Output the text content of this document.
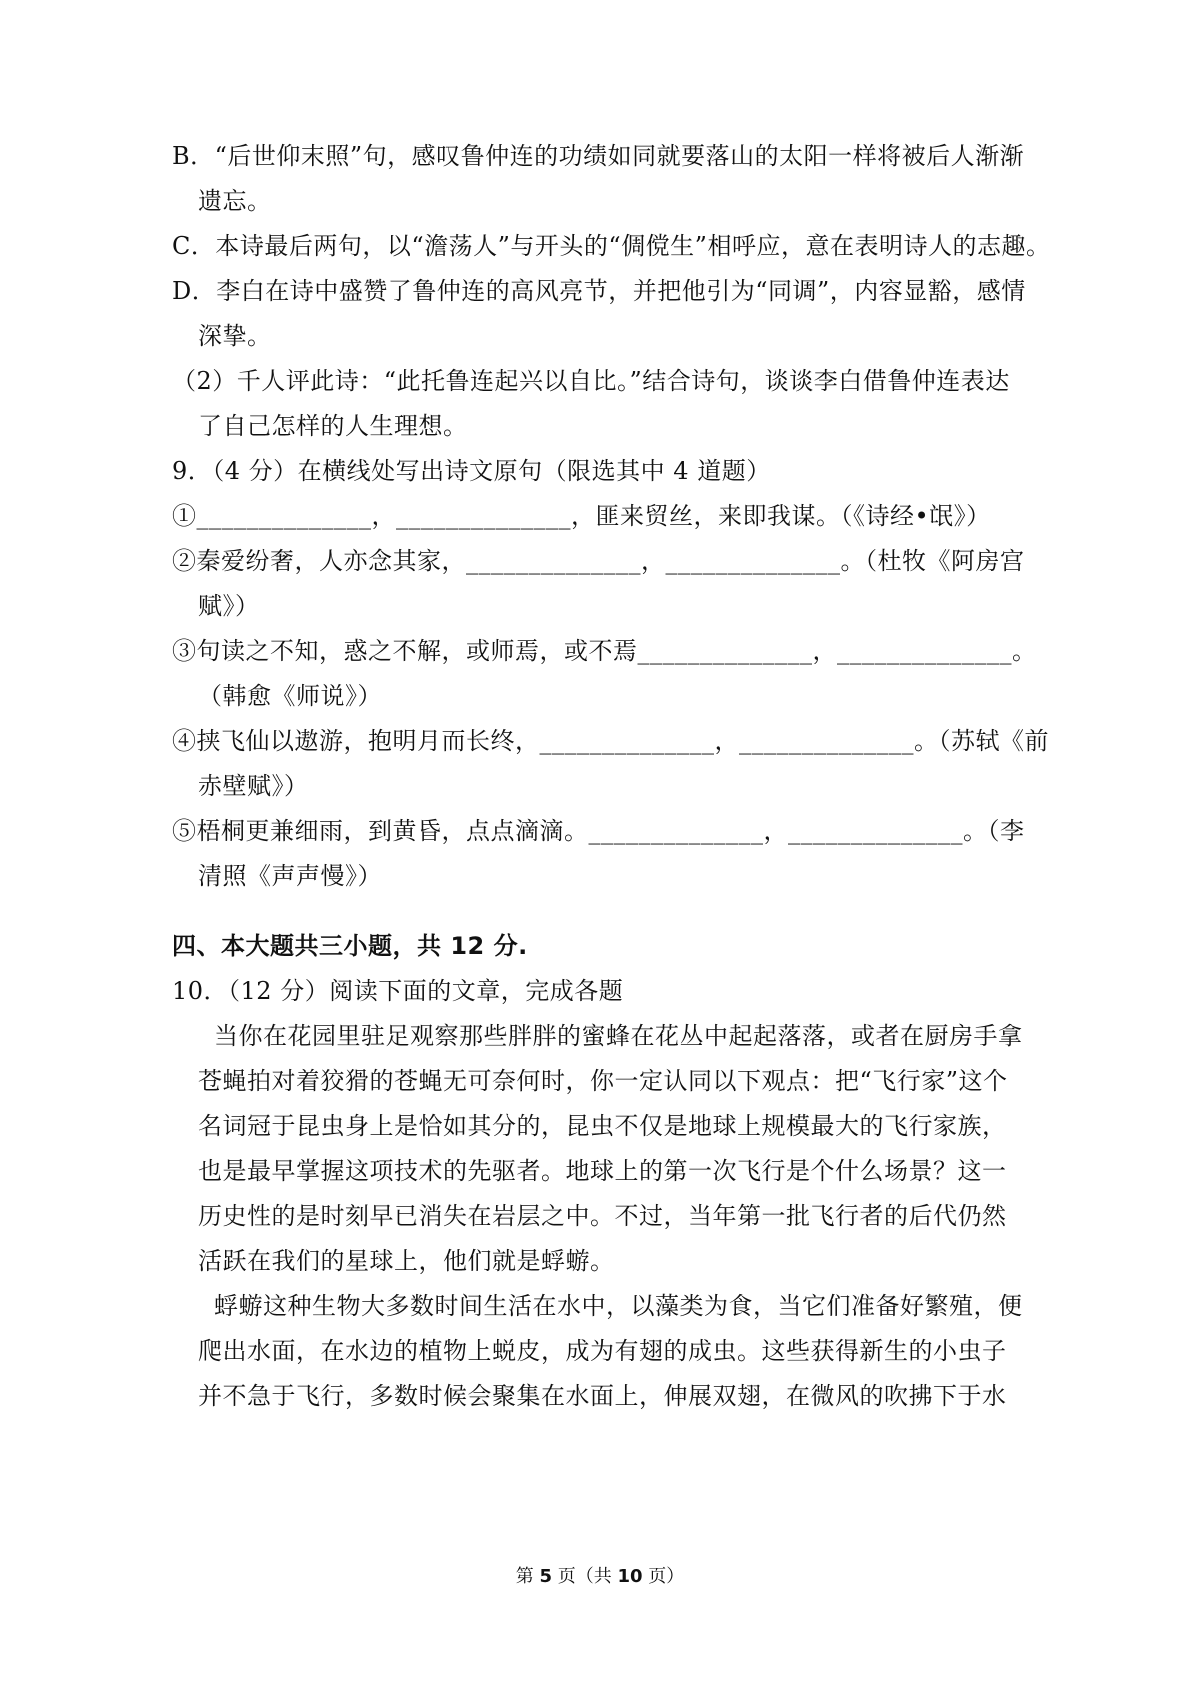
B．“后世仰末照”句，感叹鲁仲连的功绩如同就要落山的太阳一样将被后人渐渐
遗忘。
C．本诗最后两句，以“澹荡人”与开头的“倜傥生”相呼应，意在表明诗人的志趣。
D．李白在诗中盛赞了鲁仲连的高风亮节，并把他引为“同调”，内容显豁，感情
深挚。
（2）千人评此诗：“此托鲁连起兴以自比。”结合诗句，谈谈李白借鲁仲连表达
了自己怎样的人生理想。
9．（4 分）在横线处写出诗文原句（限选其中 4 道题）
①______________，______________，匪来贸丝，来即我谋。（《诗经•氓》）
②秦爱纷奢，人亦念其家，______________，______________。（杜牧《阿房宫
赋》）
③句读之不知，惑之不解，或师焉，或不焉______________，______________。
（韩愈《师说》）
④挟飞仙以遨游，抱明月而长终，______________，______________。（苏轼《前
赤壁赋》）
⑤梧桐更兼细雨，到黄昏，点点滴滴。______________，______________。（李
清照《声声慢》）
四、本大题共三小题，共 12 分.
10．（12 分）阅读下面的文章，完成各题
当你在花园里驻足观察那些胖胖的蜜蜂在花丛中起起落落，或者在厨房手拿
苍蝇拍对着狡猾的苍蝇无可奈何时，你一定认同以下观点：把“飞行家”这个
名词冠于昆虫身上是恰如其分的，昆虫不仅是地球上规模最大的飞行家族，
也是最早掌握这项技术的先驱者。地球上的第一次飞行是个什么场景？这一
历史性的是时刻早已消失在岩层之中。不过，当年第一批飞行者的后代仍然
活跃在我们的星球上，他们就是蜉蝣。
蜉蝣这种生物大多数时间生活在水中，以藻类为食，当它们准备好繁殖，便
爬出水面，在水边的植物上蜕皮，成为有翅的成虫。这些获得新生的小虫子
并不急于飞行，多数时候会聚集在水面上，伸展双翅，在微风的吹拂下于水
第 5 页（共 10 页）
